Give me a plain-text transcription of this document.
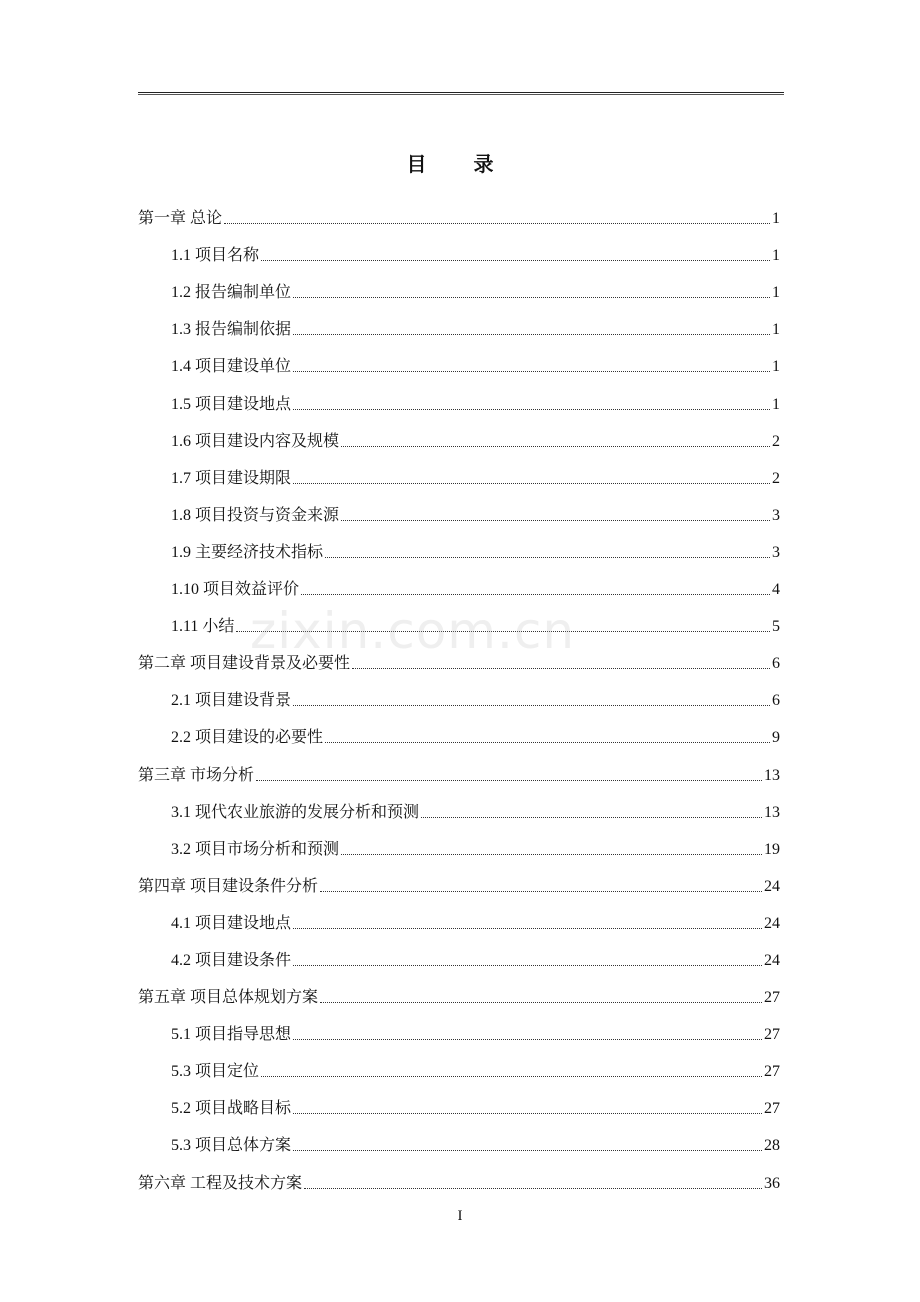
目 录
第一章 总论	1
1.1 项目名称	1
1.2 报告编制单位	1
1.3 报告编制依据	1
1.4 项目建设单位	1
1.5 项目建设地点	1
1.6 项目建设内容及规模	2
1.7 项目建设期限	2
1.8 项目投资与资金来源	3
1.9 主要经济技术指标	3
1.10 项目效益评价	4
1.11 小结	5
第二章 项目建设背景及必要性	6
2.1 项目建设背景	6
2.2 项目建设的必要性	9
第三章 市场分析	13
3.1 现代农业旅游的发展分析和预测	13
3.2 项目市场分析和预测	19
第四章 项目建设条件分析	24
4.1 项目建设地点	24
4.2 项目建设条件	24
第五章 项目总体规划方案	27
5.1 项目指导思想	27
5.3 项目定位	27
5.2 项目战略目标	27
5.3 项目总体方案	28
第六章 工程及技术方案	36
zixin.com.cn
I
